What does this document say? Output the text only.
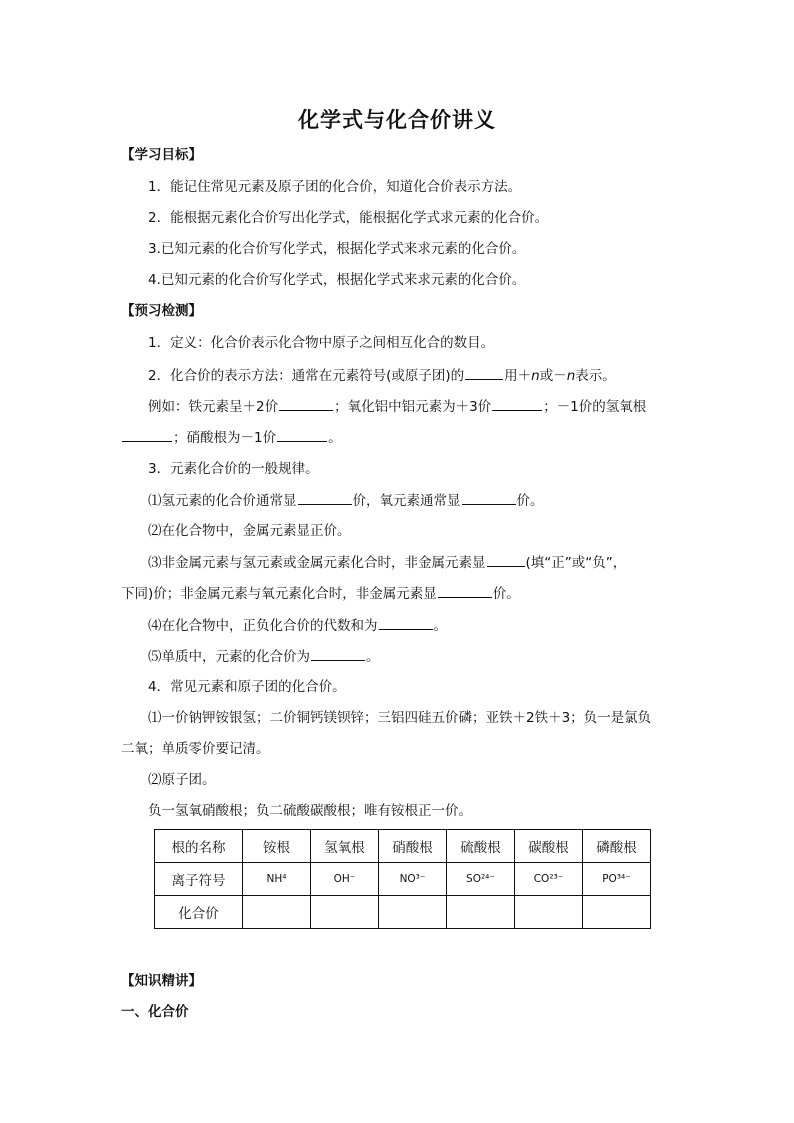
化学式与化合价讲义
【学习目标】
1．能记住常见元素及原子团的化合价，知道化合价表示方法。
2．能根据元素化合价写出化学式，能根据化学式求元素的化合价。
3.已知元素的化合价写化学式，根据化学式来求元素的化合价。
4.已知元素的化合价写化学式，根据化学式来求元素的化合价。
【预习检测】
1．定义：化合价表示化合物中原子之间相互化合的数目。
2．化合价的表示方法：通常在元素符号(或原子团)的	用＋n或－n表示。
例如：铁元素呈＋2价	；氧化铝中铝元素为＋3价	；－1价的氢氧根
；硝酸根为－1价	。
3．元素化合价的一般规律。
⑴氢元素的化合价通常显	价，氧元素通常显	价。
⑵在化合物中，金属元素显正价。
⑶非金属元素与氢元素或金属元素化合时，非金属元素显	(填“正”或“负”，
下同)价；非金属元素与氧元素化合时，非金属元素显	价。
⑷在化合物中，正负化合价的代数和为	。
⑸单质中，元素的化合价为	。
4．常见元素和原子团的化合价。
⑴一价钠钾铵银氢；二价铜钙镁钡锌；三铝四硅五价磷；亚铁＋2铁＋3；负一是氯负
二氧；单质零价要记清。
⑵原子团。
负一氢氧硝酸根；负二硫酸碳酸根；唯有铵根正一价。
根的名称	铵根	氢氧根	硝酸根	硫酸根	碳酸根	磷酸根
离子符号	NH⁴	OH⁻	NO³⁻	SO²⁴⁻	CO²³⁻	PO³⁴⁻
化合价						
【知识精讲】
一、化合价
